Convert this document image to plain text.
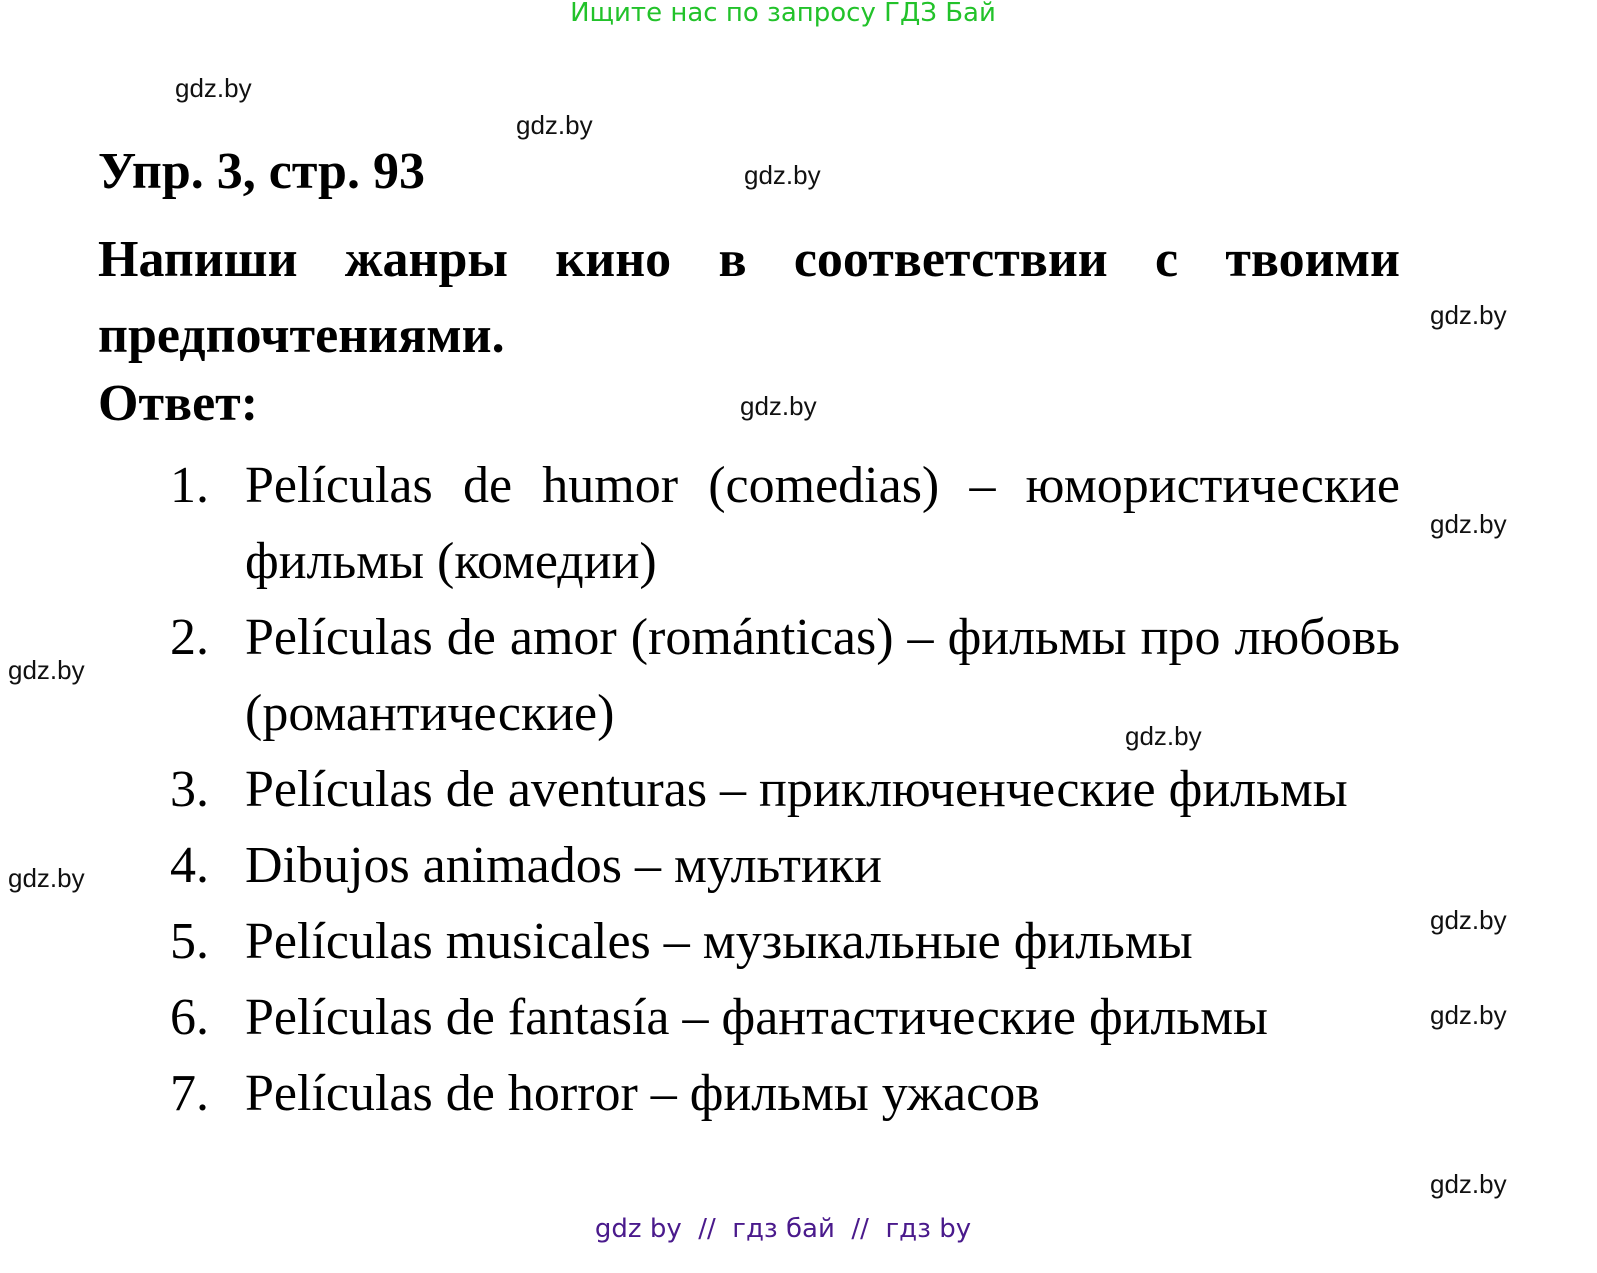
Ищите нас по запросу ГДЗ Бай
gdz.by
gdz.by
gdz.by
gdz.by
gdz.by
gdz.by
gdz.by
gdz.by
gdz.by
gdz.by
gdz.by
gdz.by
Упр. 3, стр. 93
Напиши жанры кино в соответствии с твоими предпочтениями.
Ответ:
1. Películas de humor (comedias) – юмористические фильмы (комедии)
2. Películas de amor (románticas) – фильмы про любовь (романтические)
3. Películas de aventuras – приключенческие фильмы
4. Dibujos animados – мультики
5. Películas musicales – музыкальные фильмы
6. Películas de fantasía – фантастические фильмы
7. Películas de horror – фильмы ужасов
gdz by  //  гдз бай  //  гдз by
